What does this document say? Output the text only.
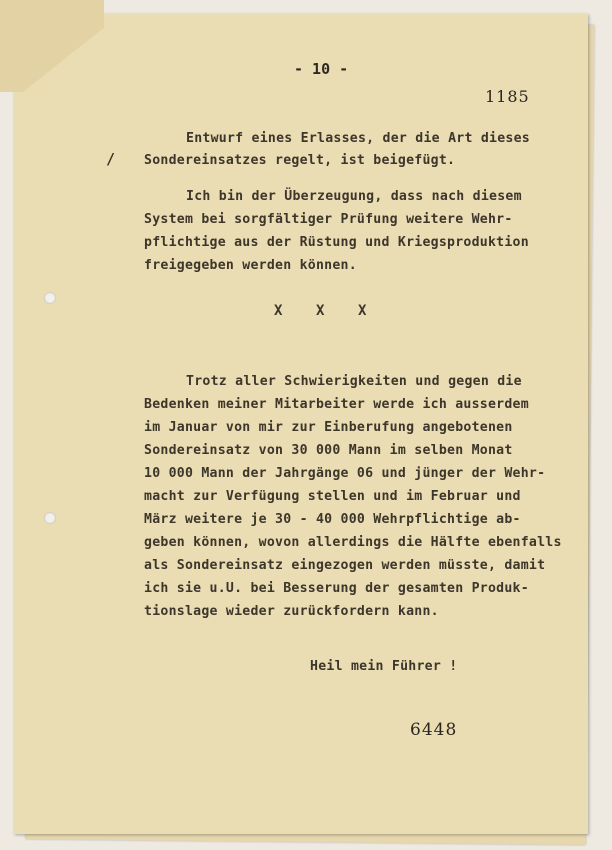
- 10 -
1185
/
Entwurf eines Erlasses, der die Art dieses
Sondereinsatzes regelt, ist beigefügt.
Ich bin der Überzeugung, dass nach diesem
System bei sorgfältiger Prüfung weitere Wehr-
pflichtige aus der Rüstung und Kriegsproduktion
freigegeben werden können.
X X X
Trotz aller Schwierigkeiten und gegen die
Bedenken meiner Mitarbeiter werde ich ausserdem
im Januar von mir zur Einberufung angebotenen
Sondereinsatz von 30 000 Mann im selben Monat
10 000 Mann der Jahrgänge 06 und jünger der Wehr-
macht zur Verfügung stellen und im Februar und
März weitere je 30 - 40 000 Wehrpflichtige ab-
geben können, wovon allerdings die Hälfte ebenfalls
als Sondereinsatz eingezogen werden müsste, damit
ich sie u.U. bei Besserung der gesamten Produk-
tionslage wieder zurückfordern kann.
Heil mein Führer !
6448
